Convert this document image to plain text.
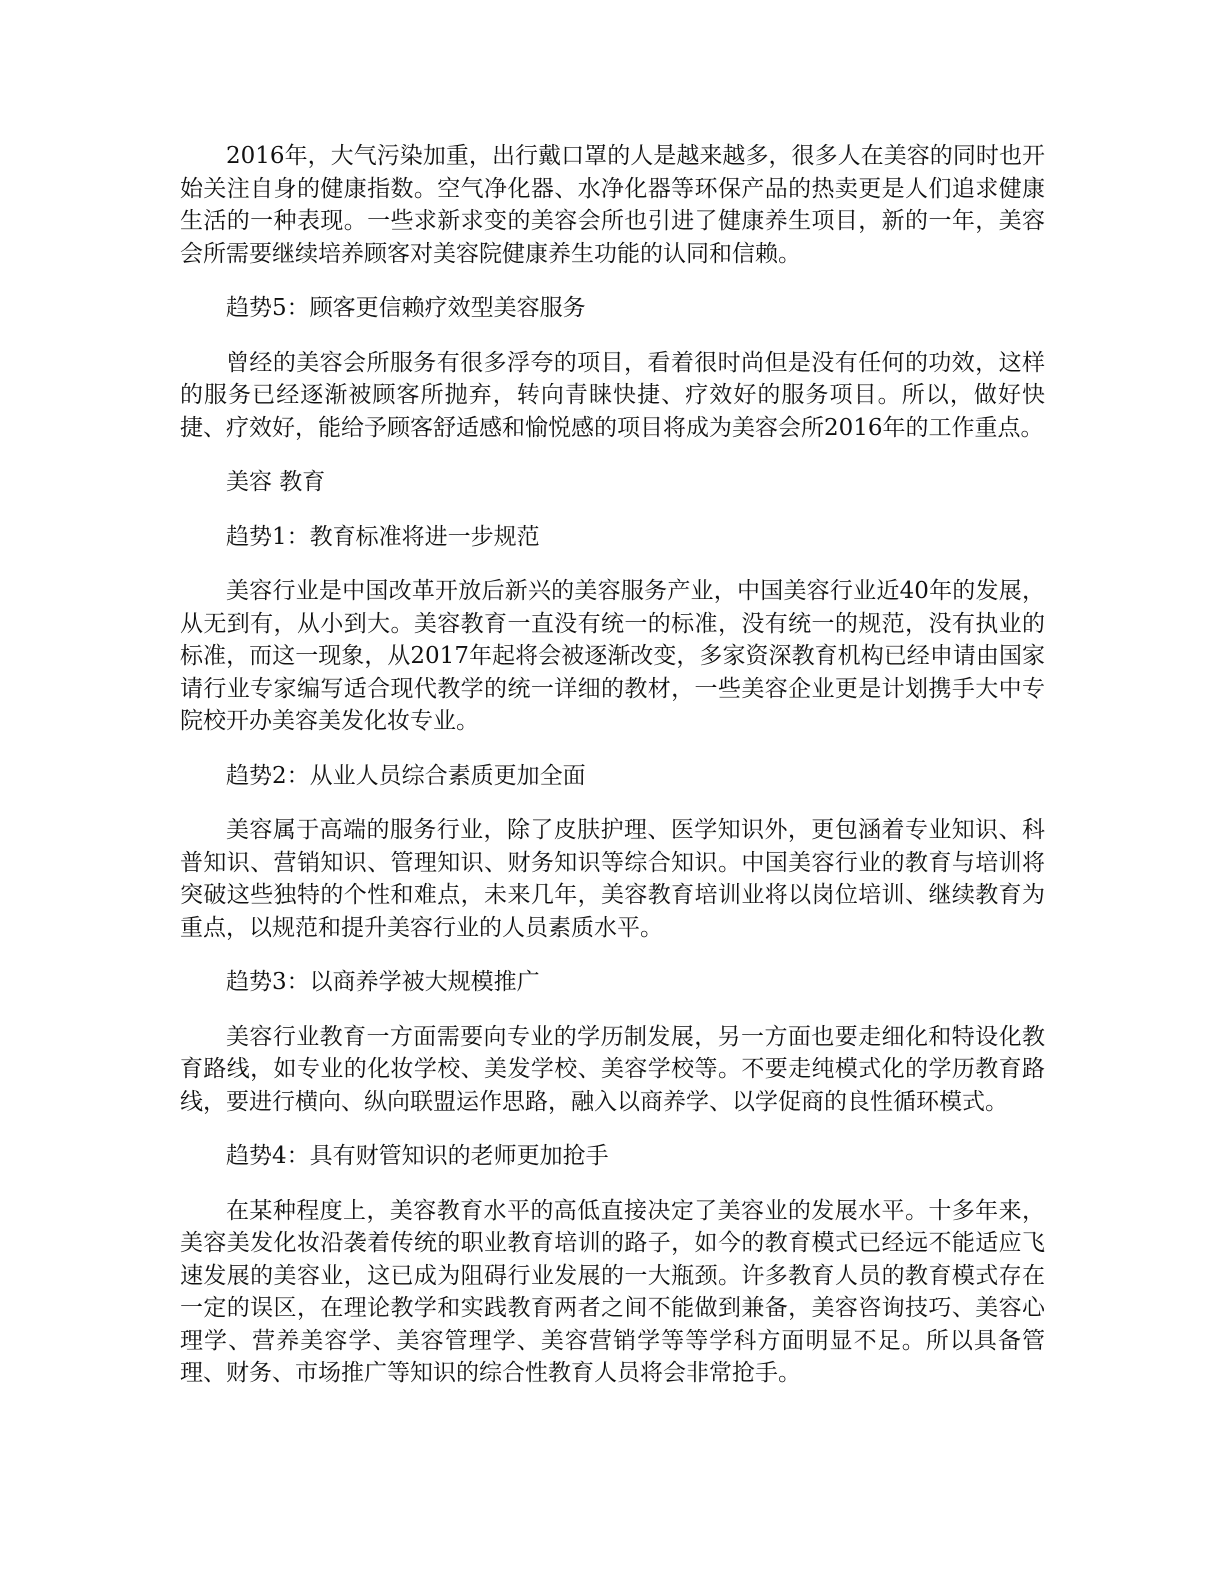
2016年，大气污染加重，出行戴口罩的人是越来越多，很多人在美容的同时也开始关注自身的健康指数。空气净化器、水净化器等环保产品的热卖更是人们追求健康生活的一种表现。一些求新求变的美容会所也引进了健康养生项目，新的一年，美容会所需要继续培养顾客对美容院健康养生功能的认同和信赖。

趋势5：顾客更信赖疗效型美容服务

曾经的美容会所服务有很多浮夸的项目，看着很时尚但是没有任何的功效，这样的服务已经逐渐被顾客所抛弃，转向青睐快捷、疗效好的服务项目。所以，做好快捷、疗效好，能给予顾客舒适感和愉悦感的项目将成为美容会所2016年的工作重点。

美容 教育

趋势1：教育标准将进一步规范

美容行业是中国改革开放后新兴的美容服务产业，中国美容行业近40年的发展，从无到有，从小到大。美容教育一直没有统一的标准，没有统一的规范，没有执业的标准，而这一现象，从2017年起将会被逐渐改变，多家资深教育机构已经申请由国家请行业专家编写适合现代教学的统一详细的教材，一些美容企业更是计划携手大中专院校开办美容美发化妆专业。

趋势2：从业人员综合素质更加全面

美容属于高端的服务行业，除了皮肤护理、医学知识外，更包涵着专业知识、科普知识、营销知识、管理知识、财务知识等综合知识。中国美容行业的教育与培训将突破这些独特的个性和难点，未来几年，美容教育培训业将以岗位培训、继续教育为重点，以规范和提升美容行业的人员素质水平。

趋势3：以商养学被大规模推广

美容行业教育一方面需要向专业的学历制发展，另一方面也要走细化和特设化教育路线，如专业的化妆学校、美发学校、美容学校等。不要走纯模式化的学历教育路线，要进行横向、纵向联盟运作思路，融入以商养学、以学促商的良性循环模式。

趋势4：具有财管知识的老师更加抢手

在某种程度上，美容教育水平的高低直接决定了美容业的发展水平。十多年来，美容美发化妆沿袭着传统的职业教育培训的路子，如今的教育模式已经远不能适应飞速发展的美容业，这已成为阻碍行业发展的一大瓶颈。许多教育人员的教育模式存在一定的误区，在理论教学和实践教育两者之间不能做到兼备，美容咨询技巧、美容心理学、营养美容学、美容管理学、美容营销学等等学科方面明显不足。所以具备管理、财务、市场推广等知识的综合性教育人员将会非常抢手。
